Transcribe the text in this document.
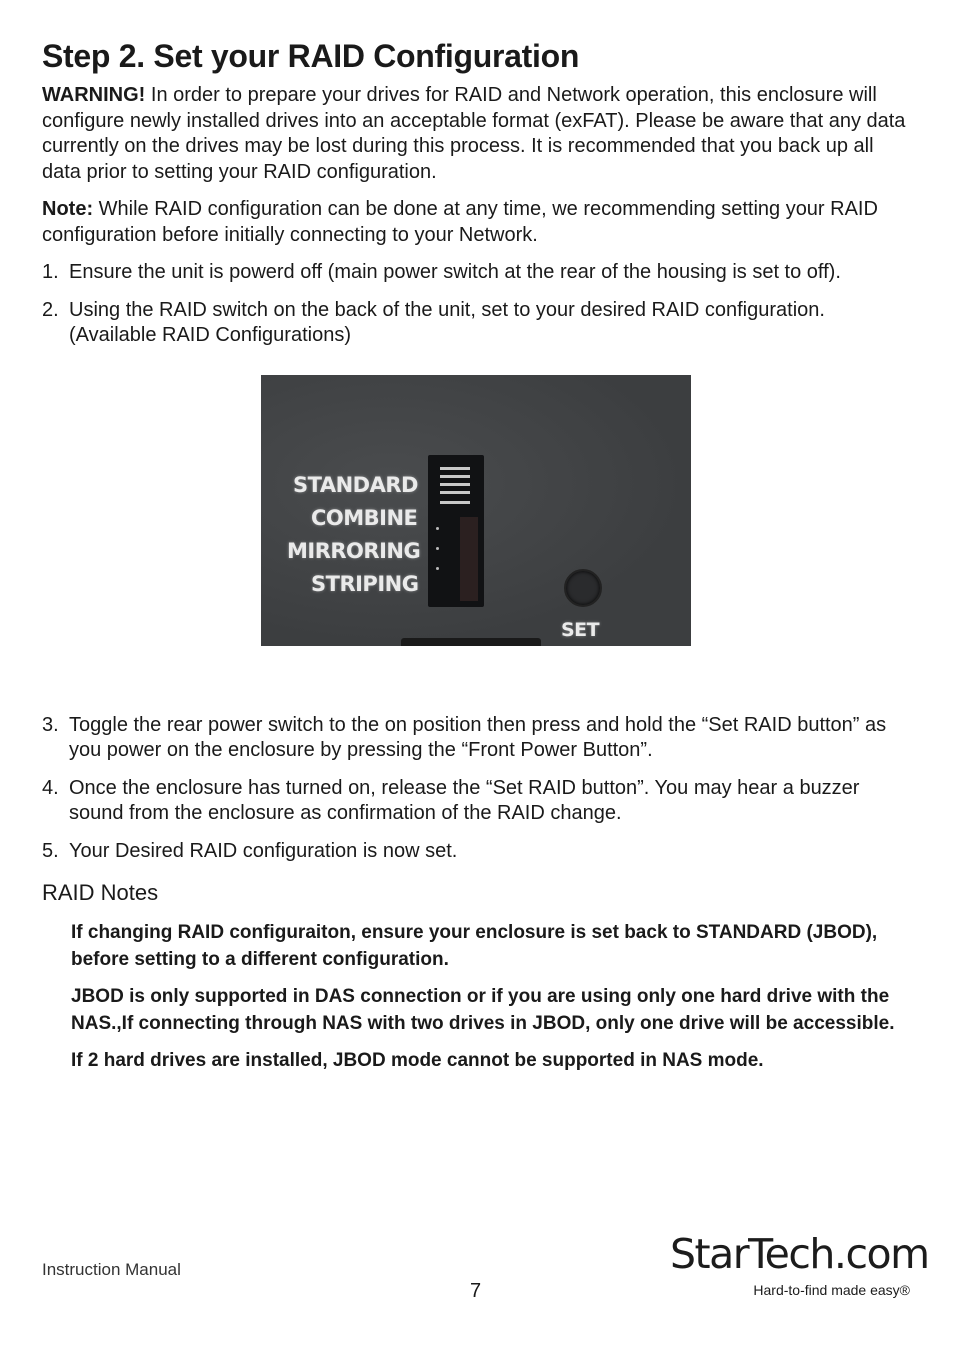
Step 2. Set your RAID Configuration

WARNING! In order to prepare your drives for RAID and Network operation, this enclosure will configure newly installed drives into an acceptable format (exFAT). Please be aware that any data currently on the drives may be lost during this process. It is recommended that you back up all data prior to setting your RAID configuration.

Note: While RAID configuration can be done at any time, we recommending setting your RAID configuration before initially connecting to your Network.

1. Ensure the unit is powerd off (main power switch at the rear of the housing is set to off).
2. Using the RAID switch on the back of the unit, set to your desired RAID configuration. (Available RAID Configurations)
STANDARD
COMBINE
MIRRORING
STRIPING
SET
3. Toggle the rear power switch to the on position then press and hold the “Set RAID button” as you power on the enclosure by pressing the “Front Power Button”.
4. Once the enclosure has turned on, release the “Set RAID button”. You may hear a buzzer sound from the enclosure as confirmation of the RAID change.
5. Your Desired RAID configuration is now set.
RAID Notes

If changing RAID configuraiton, ensure your enclosure is set back to STANDARD (JBOD), before setting to a different configuration.

JBOD is only supported in DAS connection or if you are using only one hard drive with the NAS.,If connecting through NAS with two drives in JBOD, only one drive will be accessible.

If 2 hard drives are installed, JBOD mode cannot be supported in NAS mode.

Instruction Manual
7
StarTech.com
Hard-to-find made easy®
